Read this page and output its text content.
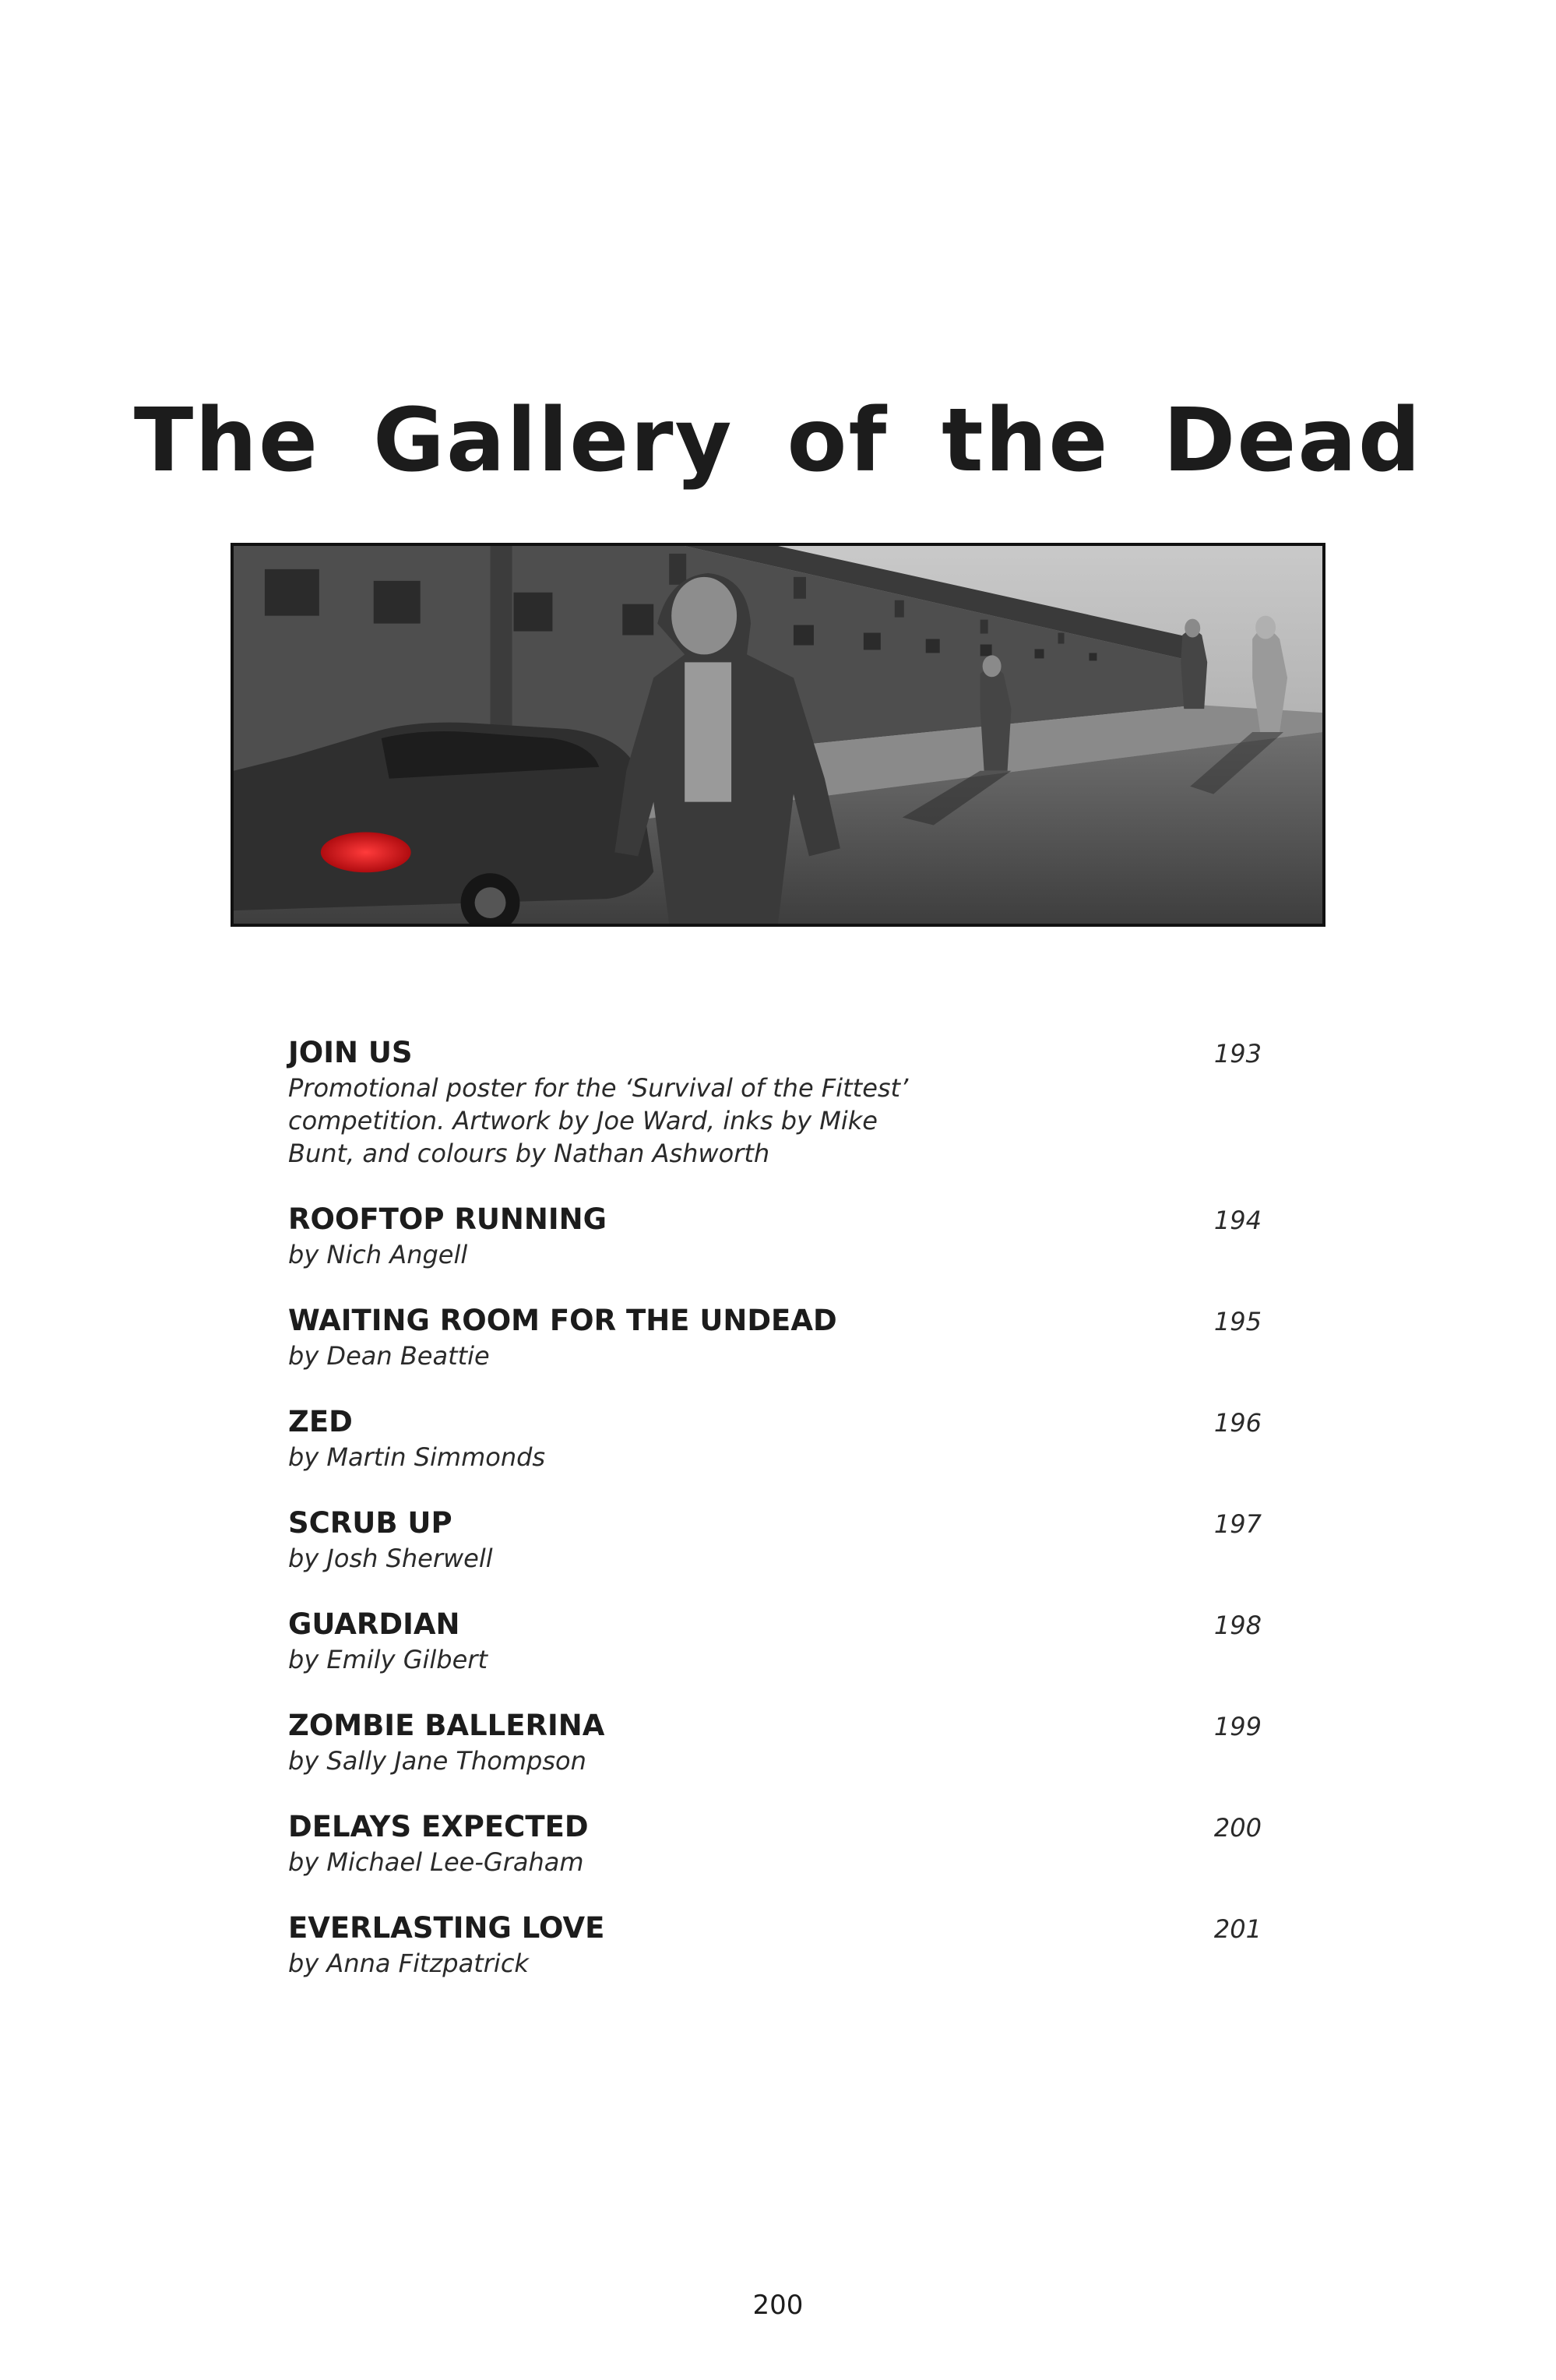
The Gallery of the Dead
JOIN US
Promotional poster for the ‘Survival of the Fittest’ competition. Artwork by Joe Ward, inks by Mike Bunt, and colours by Nathan Ashworth
193
ROOFTOP RUNNING
by Nich Angell
194
WAITING ROOM FOR THE UNDEAD
by Dean Beattie
195
ZED
by Martin Simmonds
196
SCRUB UP
by Josh Sherwell
197
GUARDIAN
by Emily Gilbert
198
ZOMBIE BALLERINA
by Sally Jane Thompson
199
DELAYS EXPECTED
by Michael Lee-Graham
200
EVERLASTING LOVE
by Anna Fitzpatrick
201
200
